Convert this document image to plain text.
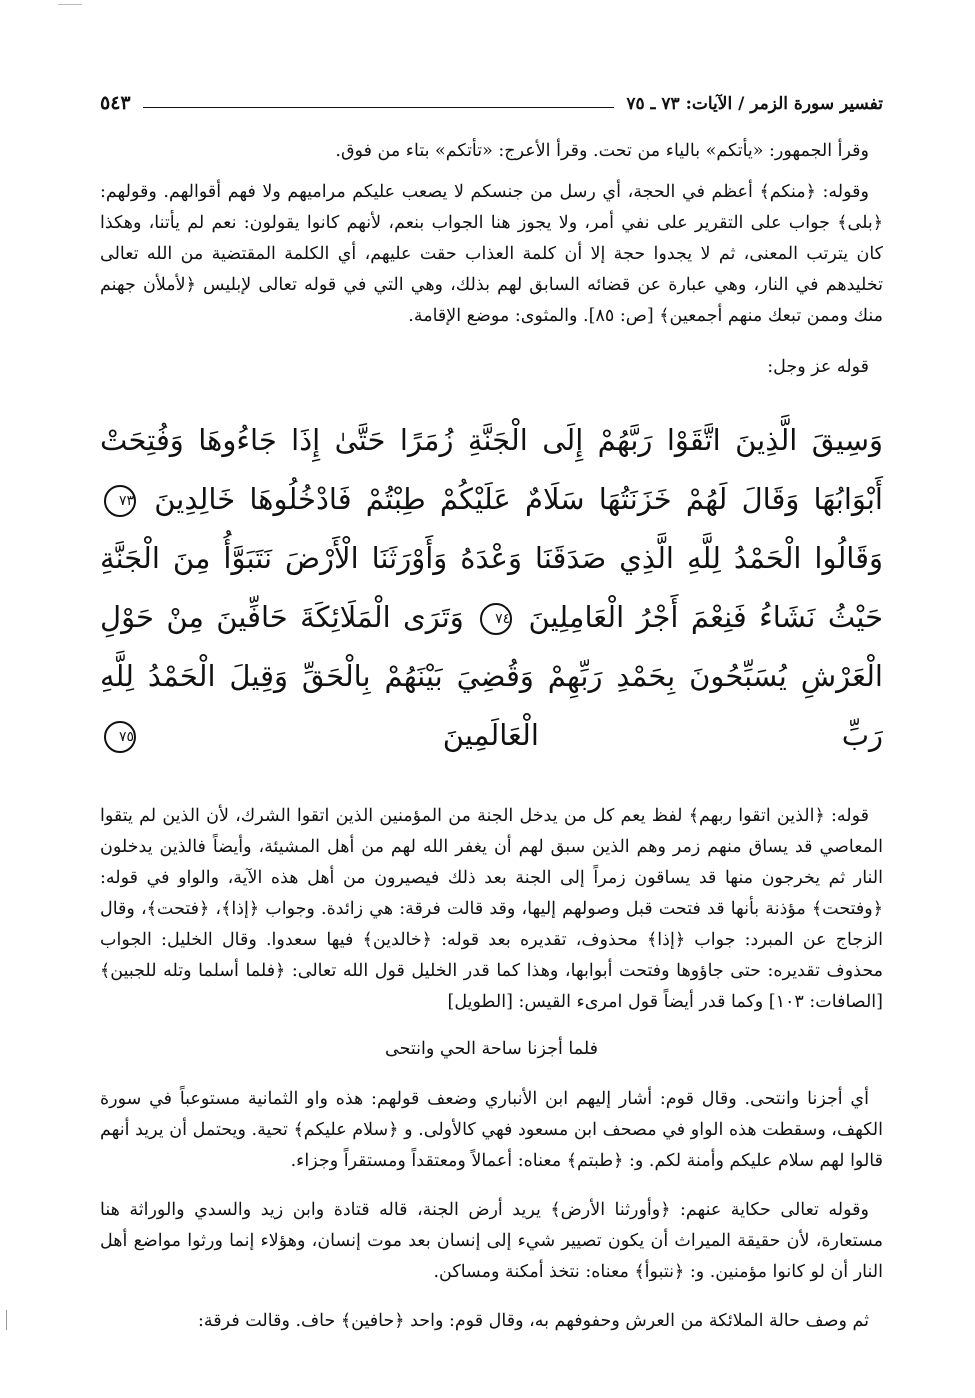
تفسير سورة الزمر / الآيات: ٧٣ ـ ٧٥
٥٤٣

وقرأ الجمهور: «يأتكم» بالياء من تحت. وقرأ الأعرج: «تأتكم» بتاء من فوق.

وقوله: ﴿منكم﴾ أعظم في الحجة، أي رسل من جنسكم لا يصعب عليكم مراميهم ولا فهم أقوالهم. وقولهم: ﴿بلى﴾ جواب على التقرير على نفي أمر، ولا يجوز هنا الجواب بنعم، لأنهم كانوا يقولون: نعم لم يأتنا، وهكذا كان يترتب المعنى، ثم لا يجدوا حجة إلا أن كلمة العذاب حقت عليهم، أي الكلمة المقتضية من الله تعالى تخليدهم في النار، وهي عبارة عن قضائه السابق لهم بذلك، وهي التي في قوله تعالى لإبليس ﴿لأملأن جهنم منك وممن تبعك منهم أجمعين﴾ [ص: ٨٥]. والمثوى: موضع الإقامة.

قوله عز وجل:

وَسِيقَ الَّذِينَ اتَّقَوْا رَبَّهُمْ إِلَى الْجَنَّةِ زُمَرًا حَتَّىٰ إِذَا جَاءُوهَا وَفُتِحَتْ أَبْوَابُهَا وَقَالَ لَهُمْ خَزَنَتُهَا سَلَامٌ عَلَيْكُمْ طِبْتُمْ فَادْخُلُوهَا خَالِدِينَ ٧٣ وَقَالُوا الْحَمْدُ لِلَّهِ الَّذِي صَدَقَنَا وَعْدَهُ وَأَوْرَثَنَا الْأَرْضَ نَتَبَوَّأُ مِنَ الْجَنَّةِ حَيْثُ نَشَاءُ فَنِعْمَ أَجْرُ الْعَامِلِينَ ٧٤ وَتَرَى الْمَلَائِكَةَ حَافِّينَ مِنْ حَوْلِ الْعَرْشِ يُسَبِّحُونَ بِحَمْدِ رَبِّهِمْ وَقُضِيَ بَيْنَهُمْ بِالْحَقِّ وَقِيلَ الْحَمْدُ لِلَّهِ رَبِّ الْعَالَمِينَ ٧٥

قوله: ﴿الذين اتقوا ربهم﴾ لفظ يعم كل من يدخل الجنة من المؤمنين الذين اتقوا الشرك، لأن الذين لم يتقوا المعاصي قد يساق منهم زمر وهم الذين سبق لهم أن يغفر الله لهم من أهل المشيئة، وأيضاً فالذين يدخلون النار ثم يخرجون منها قد يساقون زمراً إلى الجنة بعد ذلك فيصيرون من أهل هذه الآية، والواو في قوله: ﴿وفتحت﴾ مؤذنة بأنها قد فتحت قبل وصولهم إليها، وقد قالت فرقة: هي زائدة. وجواب ﴿إذا﴾، ﴿فتحت﴾، وقال الزجاج عن المبرد: جواب ﴿إذا﴾ محذوف، تقديره بعد قوله: ﴿خالدين﴾ فيها سعدوا. وقال الخليل: الجواب محذوف تقديره: حتى جاؤوها وفتحت أبوابها، وهذا كما قدر الخليل قول الله تعالى: ﴿فلما أسلما وتله للجبين﴾ [الصافات: ١٠٣] وكما قدر أيضاً قول امرىء القيس: [الطويل]

فلما أجزنا ساحة الحي وانتحى

أي أجزنا وانتحى. وقال قوم: أشار إليهم ابن الأنباري وضعف قولهم: هذه واو الثمانية مستوعباً في سورة الكهف، وسقطت هذه الواو في مصحف ابن مسعود فهي كالأولى. و ﴿سلام عليكم﴾ تحية. ويحتمل أن يريد أنهم قالوا لهم سلام عليكم وأمنة لكم. و: ﴿طبتم﴾ معناه: أعمالاً ومعتقداً ومستقراً وجزاء.

وقوله تعالى حكاية عنهم: ﴿وأورثنا الأرض﴾ يريد أرض الجنة، قاله قتادة وابن زيد والسدي والوراثة هنا مستعارة، لأن حقيقة الميراث أن يكون تصيير شيء إلى إنسان بعد موت إنسان، وهؤلاء إنما ورثوا مواضع أهل النار أن لو كانوا مؤمنين. و: ﴿نتبوأ﴾ معناه: نتخذ أمكنة ومساكن.

ثم وصف حالة الملائكة من العرش وحفوفهم به، وقال قوم: واحد ﴿حافين﴾ حاف. وقالت فرقة:
